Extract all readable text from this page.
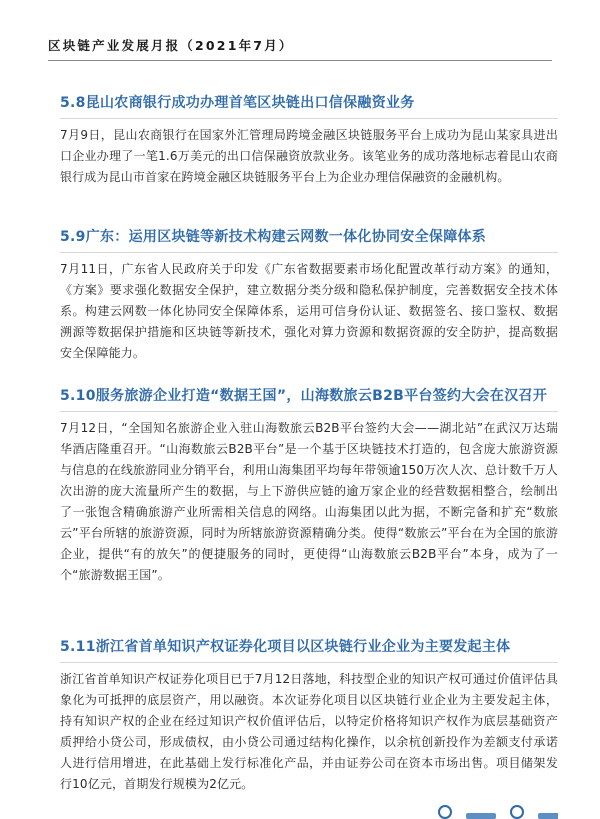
区块链产业发展月报（2021年7月）
5.8昆山农商银行成功办理首笔区块链出口信保融资业务

7月9日，昆山农商银行在国家外汇管理局跨境金融区块链服务平台上成功为昆山某家具进出口企业办理了一笔1.6万美元的出口信保融资放款业务。该笔业务的成功落地标志着昆山农商银行成为昆山市首家在跨境金融区块链服务平台上为企业办理信保融资的金融机构。

5.9广东：运用区块链等新技术构建云网数一体化协同安全保障体系

7月11日，广东省人民政府关于印发《广东省数据要素市场化配置改革行动方案》的通知，《方案》要求强化数据安全保护，建立数据分类分级和隐私保护制度，完善数据安全技术体系。构建云网数一体化协同安全保障体系，运用可信身份认证、数据签名、接口鉴权、数据溯源等数据保护措施和区块链等新技术，强化对算力资源和数据资源的安全防护，提高数据安全保障能力。

5.10服务旅游企业打造“数据王国”，山海数旅云B2B平台签约大会在汉召开

7月12日，“全国知名旅游企业入驻山海数旅云B2B平台签约大会——湖北站”在武汉万达瑞华酒店隆重召开。“山海数旅云B2B平台”是一个基于区块链技术打造的，包含庞大旅游资源与信息的在线旅游同业分销平台，利用山海集团平均每年带领逾150万次人次、总计数千万人次出游的庞大流量所产生的数据，与上下游供应链的逾万家企业的经营数据相整合，绘制出了一张饱含精确旅游产业所需相关信息的网络。山海集团以此为据，不断完备和扩充“数旅云”平台所辖的旅游资源，同时为所辖旅游资源精确分类。使得“数旅云”平台在为全国的旅游企业，提供“有的放矢”的便捷服务的同时，更使得“山海数旅云B2B平台”本身，成为了一个“旅游数据王国”。

5.11浙江省首单知识产权证券化项目以区块链行业企业为主要发起主体

浙江省首单知识产权证券化项目已于7月12日落地，科技型企业的知识产权可通过价值评估具象化为可抵押的底层资产，用以融资。本次证券化项目以区块链行业企业为主要发起主体，持有知识产权的企业在经过知识产权价值评估后，以特定价格将知识产权作为底层基础资产质押给小贷公司，形成债权，由小贷公司通过结构化操作，以余杭创新投作为差额支付承诺人进行信用增进，在此基础上发行标准化产品，并由证券公司在资本市场出售。项目储架发行10亿元，首期发行规模为2亿元。
